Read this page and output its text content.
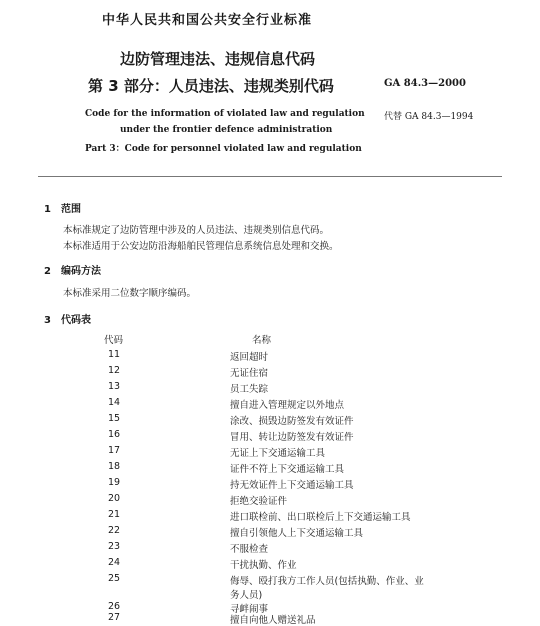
中华人民共和国公共安全行业标准
边防管理违法、违规信息代码
第 3 部分：人员违法、违规类别代码	GA 84.3—2000
Code for the information of violated law and regulation 代替 GA 84.3—1994
under the frontier defence administration
Part 3：Code for personnel violated law and regulation
1　范围
本标准规定了边防管理中涉及的人员违法、违规类别信息代码。
本标准适用于公安边防沿海船舶民管理信息系统信息处理和交换。
2　编码方法
本标准采用二位数字顺序编码。
3　代码表
代码	名称
11	返回超时
12	无证住宿
13	员工失踪
14	擅自进入管理规定以外地点
15	涂改、损毁边防签发有效证件
16	冒用、转让边防签发有效证件
17	无证上下交通运输工具
18	证件不符上下交通运输工具
19	持无效证件上下交通运输工具
20	拒绝交验证件
21	进口联检前、出口联检后上下交通运输工具
22	擅自引领他人上下交通运输工具
23	不服检查
24	干扰执勤、作业
25	侮辱、殴打我方工作人员(包括执勤、作业、业
务人员)
26	寻衅闹事
27	擅自向他人赠送礼品
